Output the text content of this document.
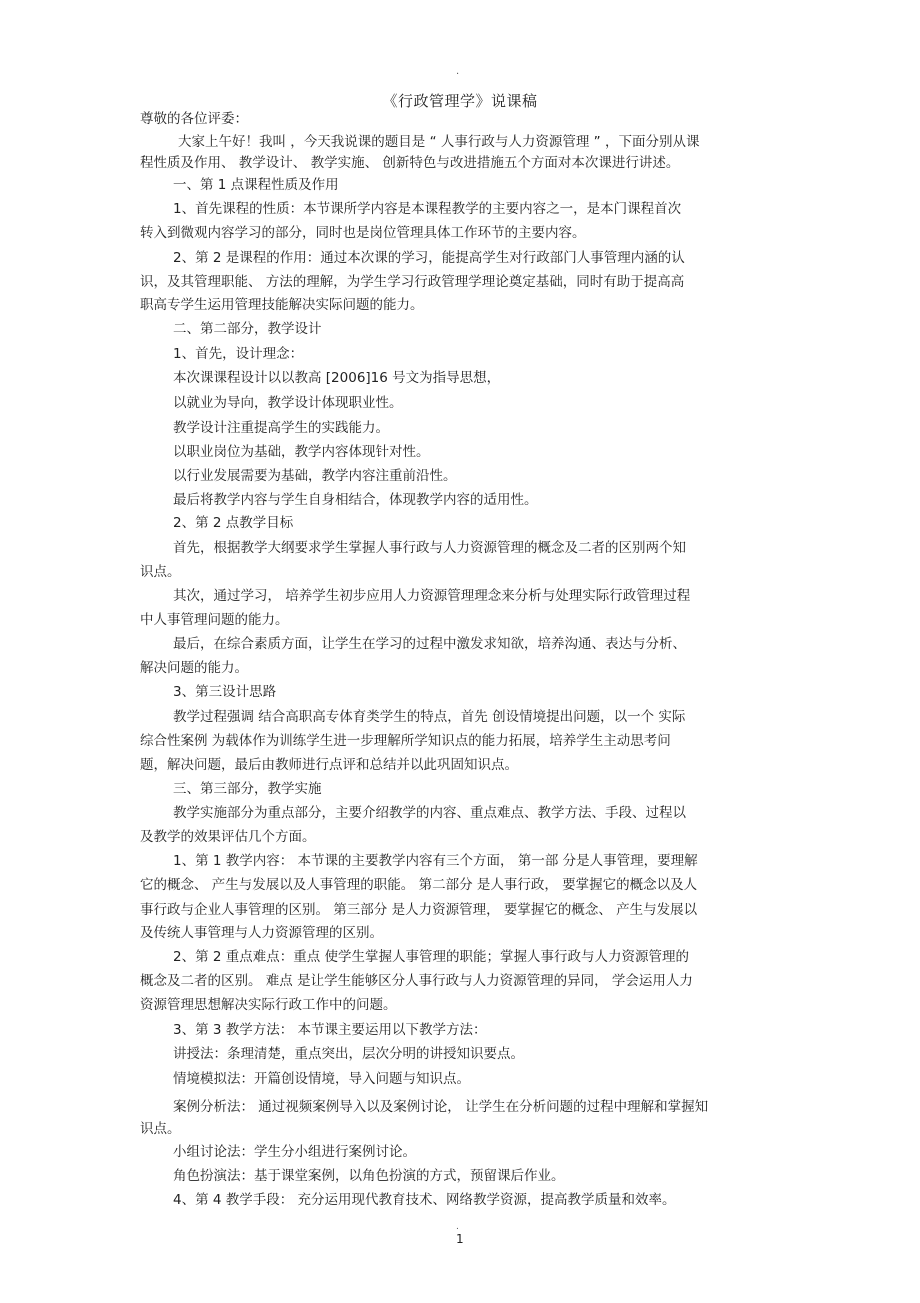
.
《行政管理学》说课稿
尊敬的各位评委：
大家上午好！我叫 ，今天我说课的题目是 “ 人事行政与人力资源管理 ” ，下面分别从课
程性质及作用、 教学设计、 教学实施、 创新特色与改进措施五个方面对本次课进行讲述。
一、第 1 点课程性质及作用
1、首先课程的性质：本节课所学内容是本课程教学的主要内容之一，是本门课程首次
转入到微观内容学习的部分，同时也是岗位管理具体工作环节的主要内容。
2、第 2 是课程的作用：通过本次课的学习，能提高学生对行政部门人事管理内涵的认
识，及其管理职能、 方法的理解，为学生学习行政管理学理论奠定基础，同时有助于提高高
职高专学生运用管理技能解决实际问题的能力。
二、第二部分，教学设计
1、首先，设计理念：
本次课课程设计以以教高 [2006]16 号文为指导思想，
以就业为导向，教学设计体现职业性。
教学设计注重提高学生的实践能力。
以职业岗位为基础，教学内容体现针对性。
以行业发展需要为基础，教学内容注重前沿性。
最后将教学内容与学生自身相结合，体现教学内容的适用性。
2、第 2 点教学目标
首先，根据教学大纲要求学生掌握人事行政与人力资源管理的概念及二者的区别两个知
识点。
其次，通过学习， 培养学生初步应用人力资源管理理念来分析与处理实际行政管理过程
中人事管理问题的能力。
最后，在综合素质方面，让学生在学习的过程中激发求知欲，培养沟通、表达与分析、
解决问题的能力。
3、第三设计思路
教学过程强调 结合高职高专体育类学生的特点，首先 创设情境提出问题，以一个 实际
综合性案例 为载体作为训练学生进一步理解所学知识点的能力拓展，培养学生主动思考问
题，解决问题，最后由教师进行点评和总结并以此巩固知识点。
三、第三部分，教学实施
教学实施部分为重点部分，主要介绍教学的内容、重点难点、教学方法、手段、过程以
及教学的效果评估几个方面。
1、第 1 教学内容： 本节课的主要教学内容有三个方面， 第一部 分是人事管理，要理解
它的概念、 产生与发展以及人事管理的职能。 第二部分 是人事行政， 要掌握它的概念以及人
事行政与企业人事管理的区别。 第三部分 是人力资源管理， 要掌握它的概念、 产生与发展以
及传统人事管理与人力资源管理的区别。
2、第 2 重点难点：重点 使学生掌握人事管理的职能；掌握人事行政与人力资源管理的
概念及二者的区别。 难点 是让学生能够区分人事行政与人力资源管理的异同， 学会运用人力
资源管理思想解决实际行政工作中的问题。
3、第 3 教学方法： 本节课主要运用以下教学方法：
讲授法：条理清楚，重点突出，层次分明的讲授知识要点。
情境模拟法：开篇创设情境，导入问题与知识点。
案例分析法： 通过视频案例导入以及案例讨论， 让学生在分析问题的过程中理解和掌握知
识点。
小组讨论法：学生分小组进行案例讨论。
角色扮演法：基于课堂案例，以角色扮演的方式，预留课后作业。
4、第 4 教学手段： 充分运用现代教育技术、网络教学资源，提高教学质量和效率。
.
1
